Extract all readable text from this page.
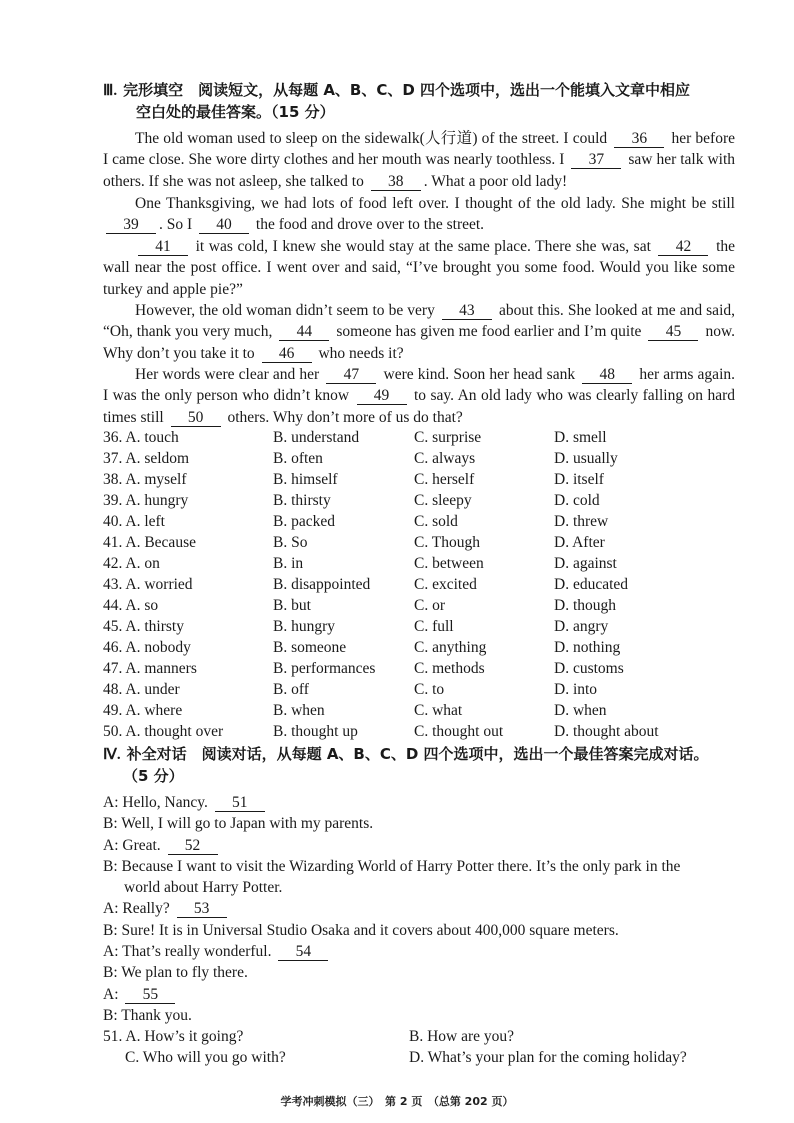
Ⅲ. 完形填空　阅读短文，从每题 A、B、C、D 四个选项中，选出一个能填入文章中相应
空白处的最佳答案。（15 分）
The old woman used to sleep on the sidewalk(人行道) of the street. I could 36 her before I came close. She wore dirty clothes and her mouth was nearly toothless. I 37 saw her talk with others. If she was not asleep, she talked to 38 . What a poor old lady!
One Thanksgiving, we had lots of food left over. I thought of the old lady. She might be still 39 . So I 40 the food and drove over to the street.
41 it was cold, I knew she would stay at the same place. There she was, sat 42 the wall near the post office. I went over and said, “I’ve brought you some food. Would you like some turkey and apple pie?”
However, the old woman didn’t seem to be very 43 about this. She looked at me and said, “Oh, thank you very much, 44 someone has given me food earlier and I’m quite 45 now. Why don’t you take it to 46 who needs it?
Her words were clear and her 47 were kind. Soon her head sank 48 her arms again. I was the only person who didn’t know 49 to say. An old lady who was clearly falling on hard times still 50 others. Why don’t more of us do that?
36. A. touch	B. understand	C. surprise	D. smell
37. A. seldom	B. often	C. always	D. usually
38. A. myself	B. himself	C. herself	D. itself
39. A. hungry	B. thirsty	C. sleepy	D. cold
40. A. left	B. packed	C. sold	D. threw
41. A. Because	B. So	C. Though	D. After
42. A. on	B. in	C. between	D. against
43. A. worried	B. disappointed	C. excited	D. educated
44. A. so	B. but	C. or	D. though
45. A. thirsty	B. hungry	C. full	D. angry
46. A. nobody	B. someone	C. anything	D. nothing
47. A. manners	B. performances C. methods	D. customs
48. A. under	B. off	C. to	D. into
49. A. where	B. when	C. what	D. when
50. A. thought over	B. thought up	C. thought out	D. thought about
Ⅳ. 补全对话　阅读对话，从每题 A、B、C、D 四个选项中，选出一个最佳答案完成对话。
（5 分）
A: Hello, Nancy. 51
B: Well, I will go to Japan with my parents.
A: Great. 52
B: Because I want to visit the Wizarding World of Harry Potter there. It’s the only park in the
world about Harry Potter.
A: Really? 53
B: Sure! It is in Universal Studio Osaka and it covers about 400,000 square meters.
A: That’s really wonderful. 54
B: We plan to fly there.
A: 55
B: Thank you.
51. A. How’s it going?	B. How are you?
C. Who will you go with?	D. What’s your plan for the coming holiday?
学考冲刺模拟（三）　第 2 页　（总第 202 页）
